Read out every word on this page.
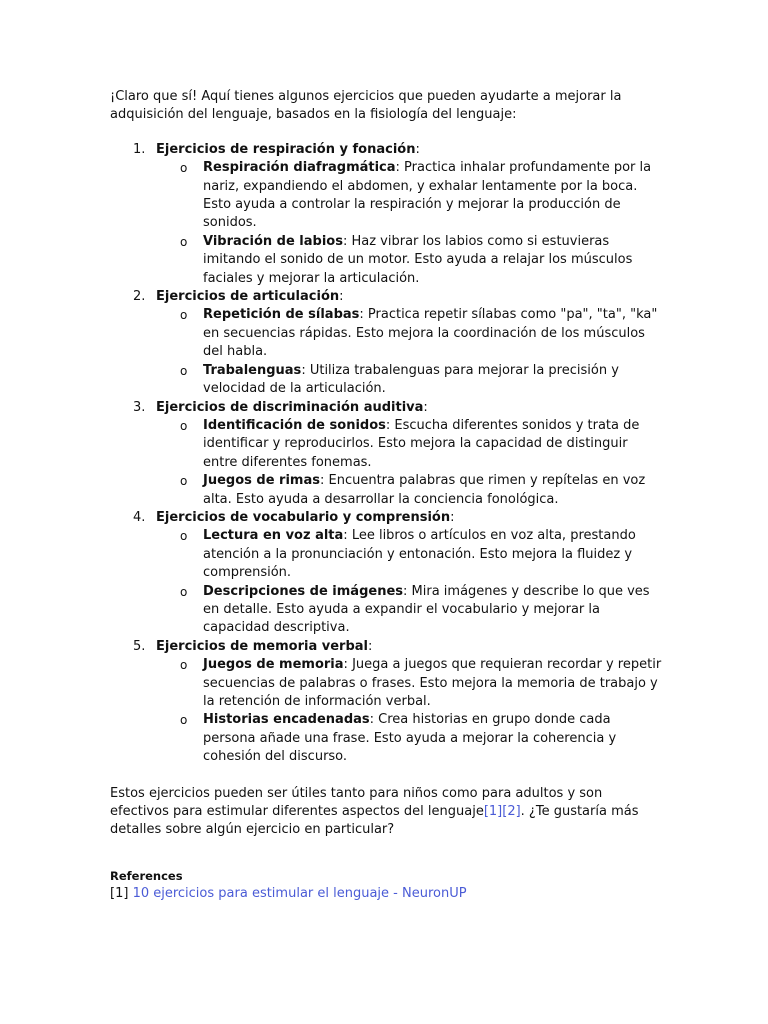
¡Claro que sí! Aquí tienes algunos ejercicios que pueden ayudarte a mejorar la adquisición del lenguaje, basados en la fisiología del lenguaje:

1. Ejercicios de respiración y fonación:
o Respiración diafragmática: Practica inhalar profundamente por la nariz, expandiendo el abdomen, y exhalar lentamente por la boca. Esto ayuda a controlar la respiración y mejorar la producción de sonidos.
o Vibración de labios: Haz vibrar los labios como si estuvieras imitando el sonido de un motor. Esto ayuda a relajar los músculos faciales y mejorar la articulación.
2. Ejercicios de articulación:
o Repetición de sílabas: Practica repetir sílabas como "pa", "ta", "ka" en secuencias rápidas. Esto mejora la coordinación de los músculos del habla.
o Trabalenguas: Utiliza trabalenguas para mejorar la precisión y velocidad de la articulación.
3. Ejercicios de discriminación auditiva:
o Identificación de sonidos: Escucha diferentes sonidos y trata de identificar y reproducirlos. Esto mejora la capacidad de distinguir entre diferentes fonemas.
o Juegos de rimas: Encuentra palabras que rimen y repítelas en voz alta. Esto ayuda a desarrollar la conciencia fonológica.
4. Ejercicios de vocabulario y comprensión:
o Lectura en voz alta: Lee libros o artículos en voz alta, prestando atención a la pronunciación y entonación. Esto mejora la fluidez y comprensión.
o Descripciones de imágenes: Mira imágenes y describe lo que ves en detalle. Esto ayuda a expandir el vocabulario y mejorar la capacidad descriptiva.
5. Ejercicios de memoria verbal:
o Juegos de memoria: Juega a juegos que requieran recordar y repetir secuencias de palabras o frases. Esto mejora la memoria de trabajo y la retención de información verbal.
o Historias encadenadas: Crea historias en grupo donde cada persona añade una frase. Esto ayuda a mejorar la coherencia y cohesión del discurso.

Estos ejercicios pueden ser útiles tanto para niños como para adultos y son efectivos para estimular diferentes aspectos del lenguaje[1][2]. ¿Te gustaría más detalles sobre algún ejercicio en particular?

References
[1] 10 ejercicios para estimular el lenguaje - NeuronUP
